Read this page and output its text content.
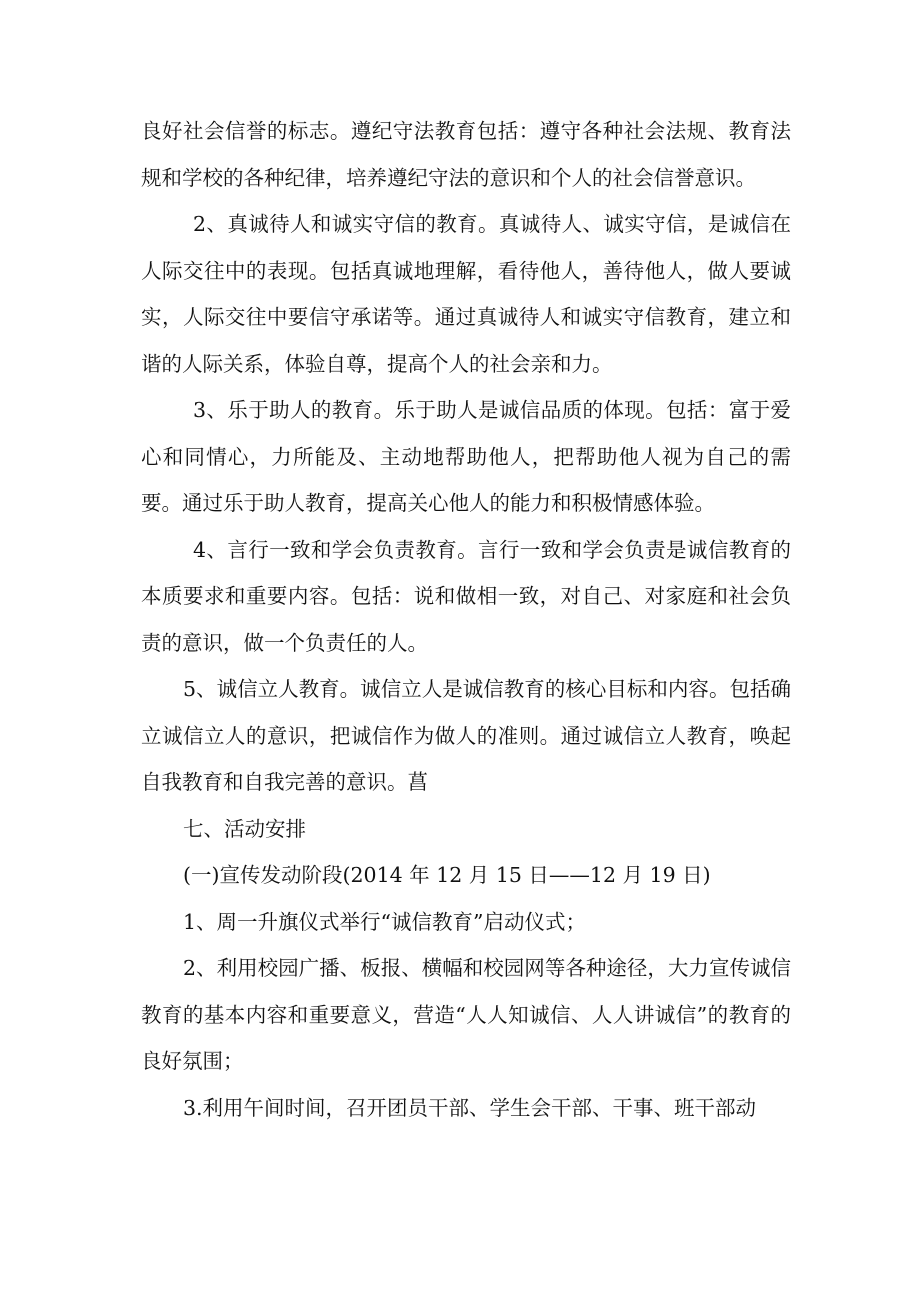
良好社会信誉的标志。遵纪守法教育包括：遵守各种社会法规、教育法规和学校的各种纪律，培养遵纪守法的意识和个人的社会信誉意识。

2、真诚待人和诚实守信的教育。真诚待人、诚实守信，是诚信在人际交往中的表现。包括真诚地理解，看待他人，善待他人，做人要诚实，人际交往中要信守承诺等。通过真诚待人和诚实守信教育，建立和谐的人际关系，体验自尊，提高个人的社会亲和力。

3、乐于助人的教育。乐于助人是诚信品质的体现。包括：富于爱心和同情心，力所能及、主动地帮助他人，把帮助他人视为自己的需要。通过乐于助人教育，提高关心他人的能力和积极情感体验。

4、言行一致和学会负责教育。言行一致和学会负责是诚信教育的本质要求和重要内容。包括：说和做相一致，对自己、对家庭和社会负责的意识，做一个负责任的人。

5、诚信立人教育。诚信立人是诚信教育的核心目标和内容。包括确立诚信立人的意识，把诚信作为做人的准则。通过诚信立人教育，唤起自我教育和自我完善的意识。菖

七、活动安排

(一)宣传发动阶段(2014 年 12 月 15 日——12 月 19 日)

1、周一升旗仪式举行“诚信教育”启动仪式；

2、利用校园广播、板报、横幅和校园网等各种途径，大力宣传诚信教育的基本内容和重要意义，营造“人人知诚信、人人讲诚信”的教育的良好氛围；

3.利用午间时间，召开团员干部、学生会干部、干事、班干部动
